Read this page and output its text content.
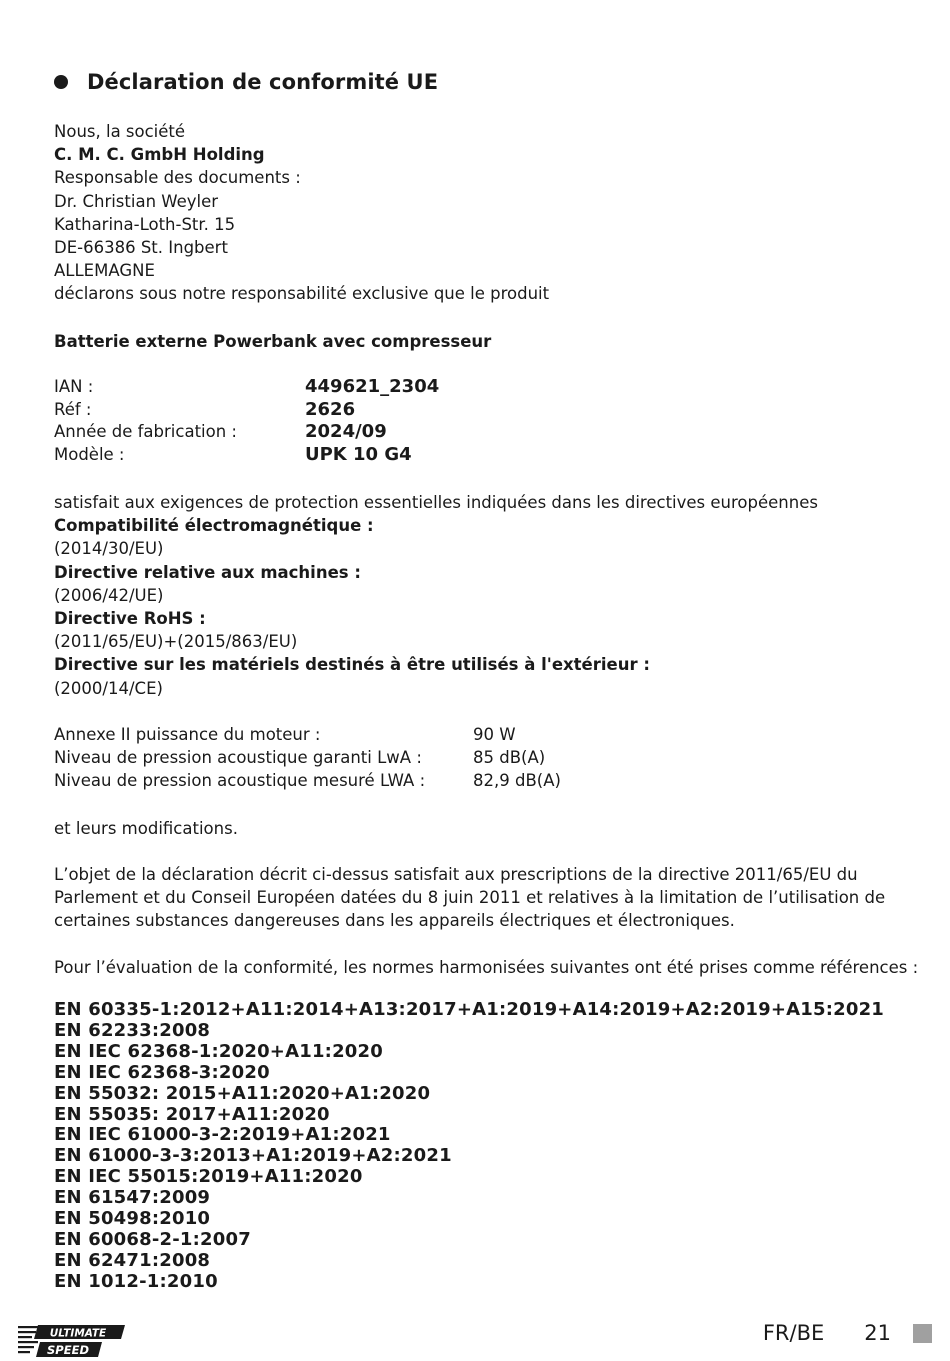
Déclaration de conformité UE
Nous, la société
C. M. C. GmbH Holding
Responsable des documents :
Dr. Christian Weyler
Katharina-Loth-Str. 15
DE-66386 St. Ingbert
ALLEMAGNE
déclarons sous notre responsabilité exclusive que le produit
Batterie externe Powerbank avec compresseur
IAN :	449621_2304
Réf :	2626
Année de fabrication :	2024/09
Modèle :	UPK 10 G4
satisfait aux exigences de protection essentielles indiquées dans les directives européennes
Compatibilité électromagnétique :
(2014/30/EU)
Directive relative aux machines :
(2006/42/UE)
Directive RoHS :
(2011/65/EU)+(2015/863/EU)
Directive sur les matériels destinés à être utilisés à l'extérieur :
(2000/14/CE)
Annexe II puissance du moteur :	90 W
Niveau de pression acoustique garanti LwA :	85 dB(A)
Niveau de pression acoustique mesuré LWA :	82,9 dB(A)
et leurs modifications.
L’objet de la déclaration décrit ci-dessus satisfait aux prescriptions de la directive 2011/65/EU du Parlement et du Conseil Européen datées du 8 juin 2011 et relatives à la limitation de l’utilisation de certaines substances dangereuses dans les appareils électriques et électroniques.
Pour l’évaluation de la conformité, les normes harmonisées suivantes ont été prises comme références :
EN 60335-1:2012+A11:2014+A13:2017+A1:2019+A14:2019+A2:2019+A15:2021
EN 62233:2008
EN IEC 62368-1:2020+A11:2020
EN IEC 62368-3:2020
EN 55032: 2015+A11:2020+A1:2020
EN 55035: 2017+A11:2020
EN IEC 61000-3-2:2019+A1:2021
EN 61000-3-3:2013+A1:2019+A2:2021
EN IEC 55015:2019+A11:2020
EN 61547:2009
EN 50498:2010
EN 60068-2-1:2007
EN 62471:2008
EN 1012-1:2010
ULTIMATE
SPEED
FR/BE 21
